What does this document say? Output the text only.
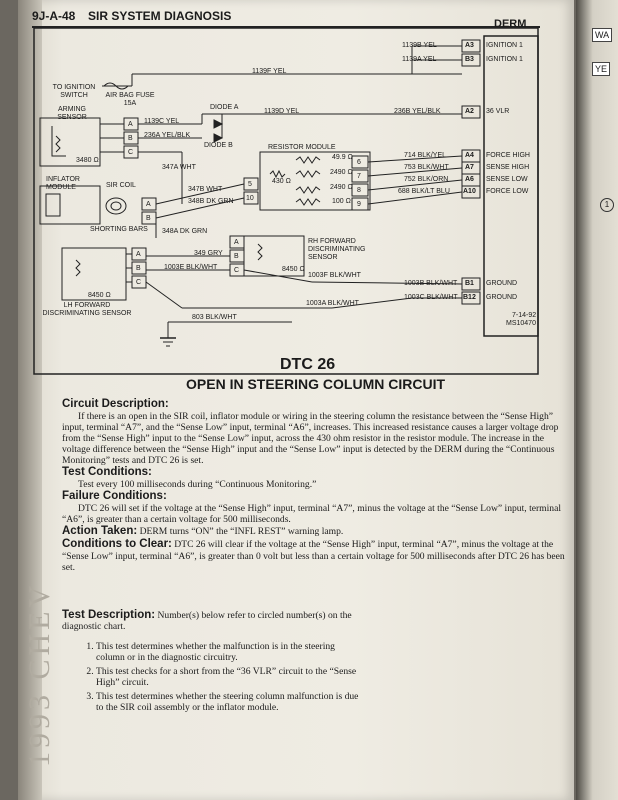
1993 CHEV
WA
YE
1
9J-A-48 SIR SYSTEM DIAGNOSIS
DERM
1139B YEL	A3 IGNITION 1
1139A YEL	B3 IGNITION 1
236B YEL/BLK	A2 36 VLR
714 BLK/YEL	A4 FORCE HIGH
753 BLK/WHT A7 SENSE HIGH
752 BLK/ORN A6 SENSE LOW
688 BLK/LT BLU A10 FORCE LOW
1003B BLK/WHT B1 GROUND
1003C BLK/WHT B12 GROUND
TO IGNITION SWITCH	AIR BAG FUSE 15A
ARMING SENSOR
3480 Ω
1139F YEL
1139C YEL
1139D YEL
236A YEL/BLK
DIODE A
DIODE B	RESISTOR MODULE
49.9 Ω
2490 Ω
430 Ω
2490 Ω
100 Ω
5
10
6
7
8
9
347A WHT
347B WHT
348B DK GRN
348A DK GRN
INFLATOR MODULE	SIR COIL
SHORTING BARS
A
B
C
A
B
A
B
C
A
B
C
349 GRY
1003E BLK/WHT
RH FORWARD DISCRIMINATING SENSOR
8450 Ω
1003F BLK/WHT
1003A BLK/WHT
8450 Ω
LH FORWARD DISCRIMINATING SENSOR
803 BLK/WHT	7-14-92
MS10470
DTC 26
OPEN IN STEERING COLUMN CIRCUIT
Circuit Description:

If there is an open in the SIR coil, inflator module or wiring in the steering column the resistance between the “Sense High” input, terminal “A7”, and the “Sense Low” input, terminal “A6”, increases. This increased resistance causes a larger voltage drop from the “Sense High” input to the “Sense Low” input, across the 430 ohm resistor in the resistor module. The increase in the voltage difference between the “Sense High” input and the “Sense Low” input is detected by the DERM during the “Continuous Monitoring” tests and DTC 26 is set.

Test Conditions:

Test every 100 milliseconds during “Continuous Monitoring.”

Failure Conditions:

DTC 26 will set if the voltage at the “Sense High” input, terminal “A7”, minus the voltage at the “Sense Low” input, terminal “A6”, is greater than a certain voltage for 500 milliseconds.

Action Taken: DERM turns “ON” the “INFL REST” warning lamp.

Conditions to Clear: DTC 26 will clear if the voltage at the “Sense High” input, terminal “A7”, minus the voltage at the “Sense Low” input, terminal “A6”, is greater than 0 volt but less than a certain voltage for 500 milliseconds after DTC 26 has been set.

Test Description: Number(s) below refer to circled number(s) on the diagnostic chart.

1. This test determines whether the malfunction is in the steering column or in the diagnostic circuitry.
2. This test checks for a short from the “36 VLR” circuit to the “Sense High” circuit.
3. This test determines whether the steering column malfunction is due to the SIR coil assembly or the inflator module.
